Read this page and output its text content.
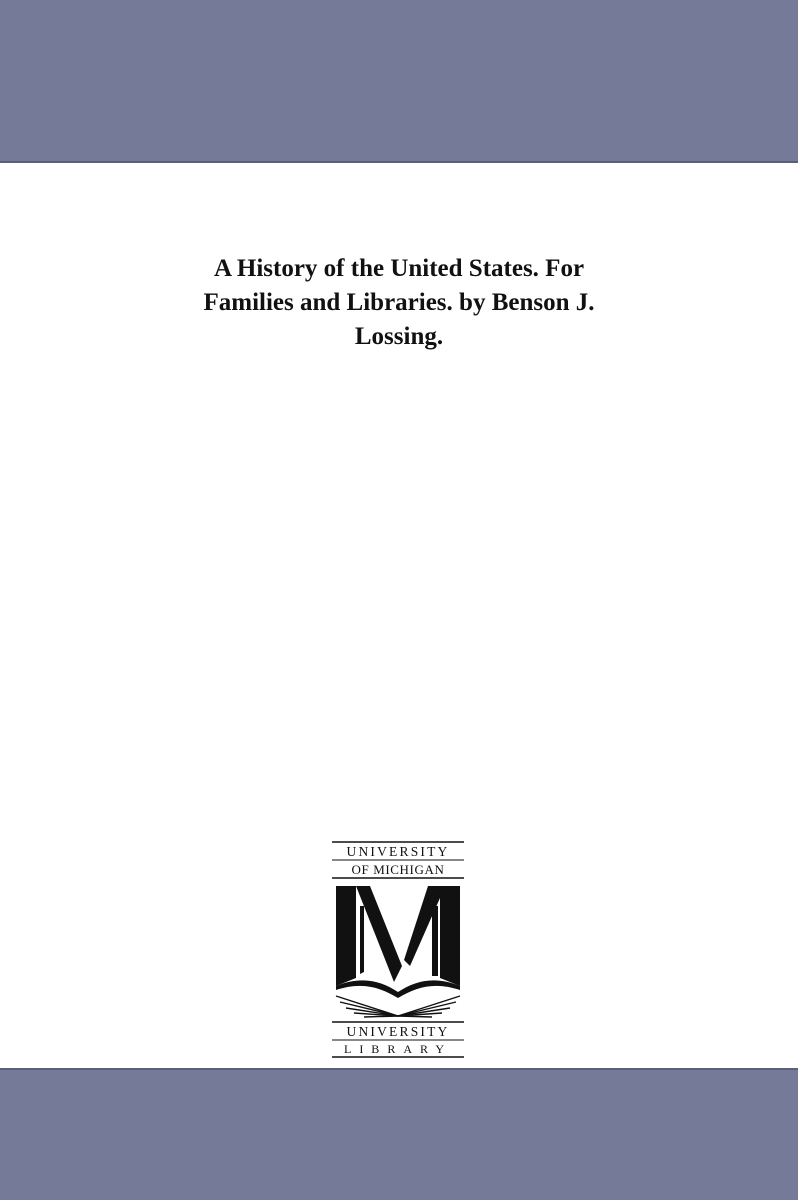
A History of the United States. For
Families and Libraries. by Benson J.
Lossing.
UNIVERSITY
OF MICHIGAN
UNIVERSITY
LIBRARY
